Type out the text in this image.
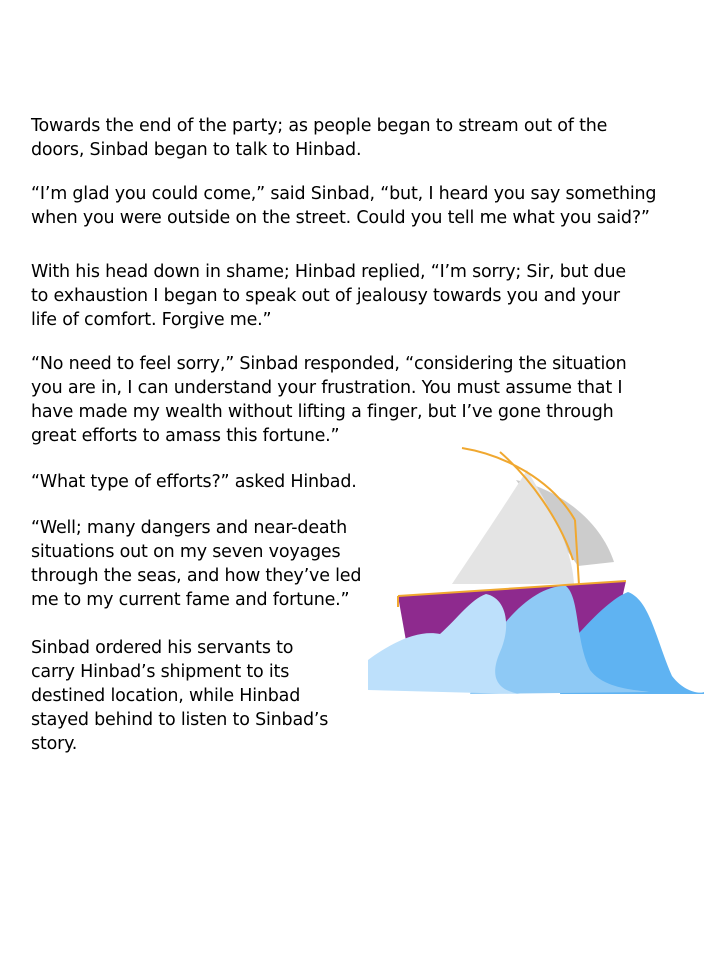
Towards the end of the party; as people began to stream out of the
doors, Sinbad began to talk to Hinbad.

“I’m glad you could come,” said Sinbad, “but, I heard you say something
when you were outside on the street. Could you tell me what you said?”

With his head down in shame; Hinbad replied, “I’m sorry; Sir, but due
to exhaustion I began to speak out of jealousy towards you and your
life of comfort. Forgive me.”

“No need to feel sorry,” Sinbad responded, “considering the situation
you are in, I can understand your frustration. You must assume that I
have made my wealth without lifting a finger, but I’ve gone through
great efforts to amass this fortune.”

“What type of efforts?” asked Hinbad.

“Well; many dangers and near-death
situations out on my seven voyages
through the seas, and how they’ve led
me to my current fame and fortune.”

Sinbad ordered his servants to
carry Hinbad’s shipment to its
destined location, while Hinbad
stayed behind to listen to Sinbad’s
story.
